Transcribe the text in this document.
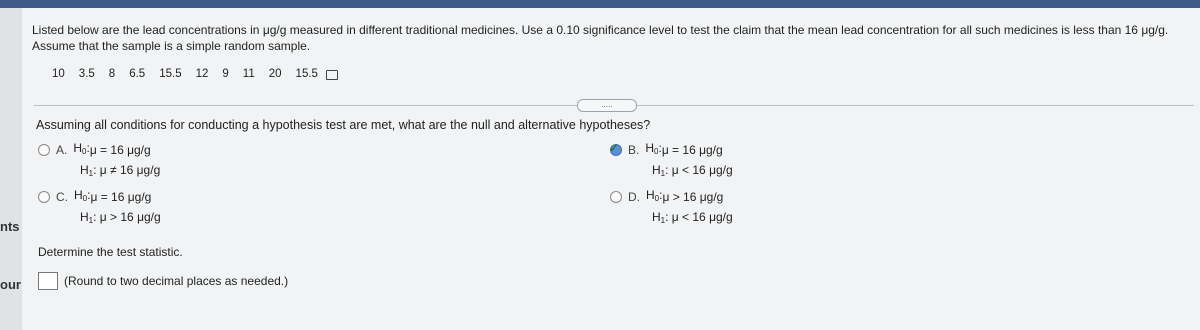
nts
our
Listed below are the lead concentrations in μg/g measured in different traditional medicines. Use a 0.10 significance level to test the claim that the mean lead concentration for all such medicines is less than 16 μg/g. Assume that the sample is a simple random sample.
10 3.5 8 6.5 15.5 12 9 11 20 15.5
.....
Assuming all conditions for conducting a hypothesis test are met, what are the null and alternative hypotheses?
A. $H_0$: μ = 16 μg/g
$H_1$: μ ≠ 16 μg/g
✓
B. $H_0$: μ = 16 μg/g
$H_1$: μ < 16 μg/g
C. $H_0$: μ = 16 μg/g
$H_1$: μ > 16 μg/g
D. $H_0$: μ > 16 μg/g
$H_1$: μ < 16 μg/g
Determine the test statistic.
(Round to two decimal places as needed.)
